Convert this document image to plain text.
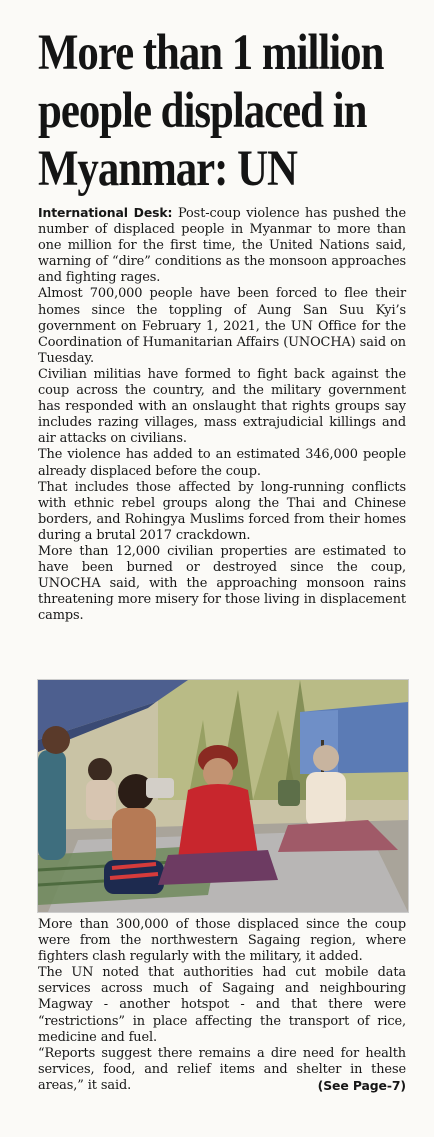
More than 1 million
people displaced in
Myanmar: UN

International Desk: Post-coup violence has pushed the number of displaced people in Myanmar to more than one million for the first time, the United Nations said, warning of “dire” conditions as the monsoon approaches and fighting rages.

Almost 700,000 people have been forced to flee their homes since the toppling of Aung San Suu Kyi’s government on February 1, 2021, the UN Office for the Coordination of Humanitarian Affairs (UNOCHA) said on Tuesday.

Civilian militias have formed to fight back against the coup across the country, and the military government has responded with an onslaught that rights groups say includes razing villages, mass extrajudicial killings and air attacks on civilians.

The violence has added to an estimated 346,000 people already displaced before the coup.

That includes those affected by long-running conflicts with ethnic rebel groups along the Thai and Chinese borders, and Rohingya Muslims forced from their homes during a brutal 2017 crackdown.

More than 12,000 civilian properties are estimated to have been burned or destroyed since the coup, UNOCHA said, with the approaching monsoon rains threatening more misery for those living in displacement camps.

More than 300,000 of those displaced since the coup were from the northwestern Sagaing region, where fighters clash regularly with the military, it added.

The UN noted that authorities had cut mobile data services across much of Sagaing and neighbouring Magway - another hotspot - and that there were “restrictions” in place affecting the transport of rice, medicine and fuel.

“Reports suggest there remains a dire need for health services, food, and relief items and shelter in these areas,” it said.	(See Page-7)
